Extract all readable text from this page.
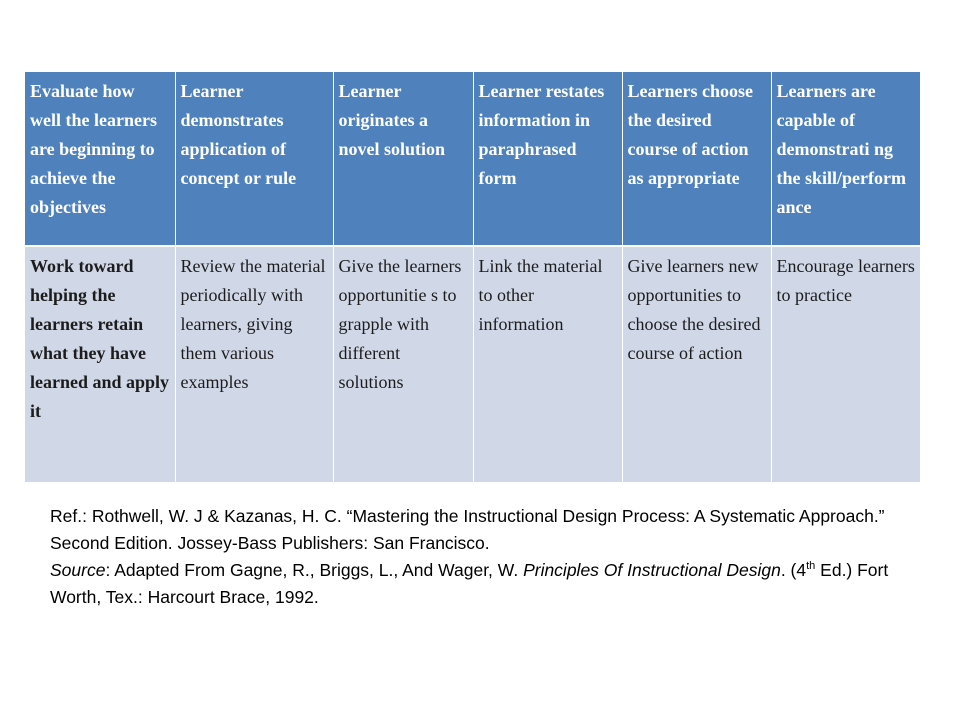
Evaluate how well the learners are beginning to achieve the objectives	Learner demonstrates application of concept or rule	Learner originates a novel solution	Learner restates information in paraphrased form	Learners choose the desired course of action as appropriate	Learners are capable of demonstrati ng the skill/perform ance
Work toward helping the learners retain what they have learned and apply it	Review the material periodically with learners, giving them various examples	Give the learners opportunitie s to grapple with different solutions	Link the material to other information	Give learners new opportunities to choose the desired course of action	Encourage learners to practice

Ref.: Rothwell, W. J & Kazanas, H. C. “Mastering the Instructional Design Process: A Systematic Approach.” Second Edition. Jossey-Bass Publishers: San Francisco.

Source: Adapted From Gagne, R., Briggs, L., And Wager, W. Principles Of Instructional Design. (4th Ed.) Fort Worth, Tex.: Harcourt Brace, 1992.
